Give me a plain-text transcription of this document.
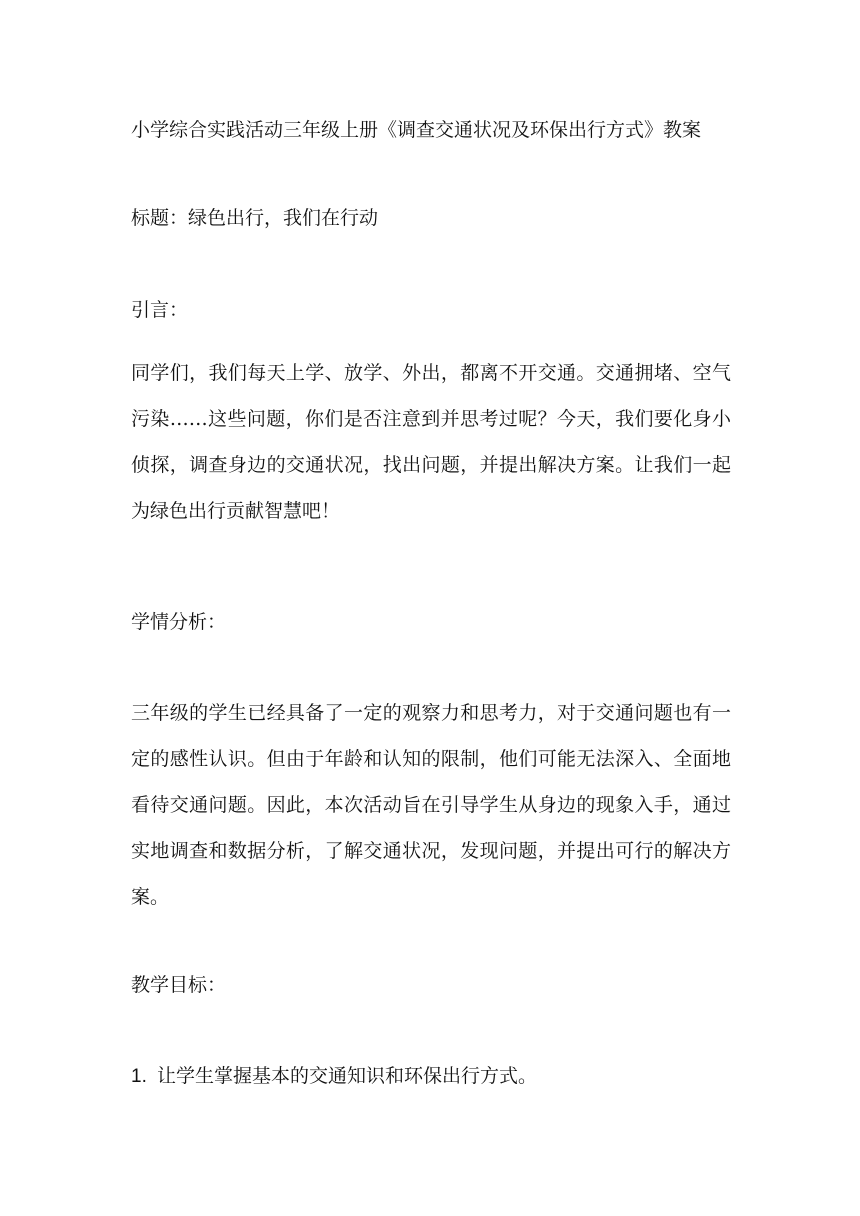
小学综合实践活动三年级上册《调查交通状况及环保出行方式》教案
标题：绿色出行，我们在行动
引言：
同学们，我们每天上学、放学、外出，都离不开交通。交通拥堵、空气污染……这些问题，你们是否注意到并思考过呢？今天，我们要化身小侦探，调查身边的交通状况，找出问题，并提出解决方案。让我们一起为绿色出行贡献智慧吧！
学情分析：
三年级的学生已经具备了一定的观察力和思考力，对于交通问题也有一定的感性认识。但由于年龄和认知的限制，他们可能无法深入、全面地看待交通问题。因此，本次活动旨在引导学生从身边的现象入手，通过实地调查和数据分析，了解交通状况，发现问题，并提出可行的解决方案。
教学目标：
1. 让学生掌握基本的交通知识和环保出行方式。
